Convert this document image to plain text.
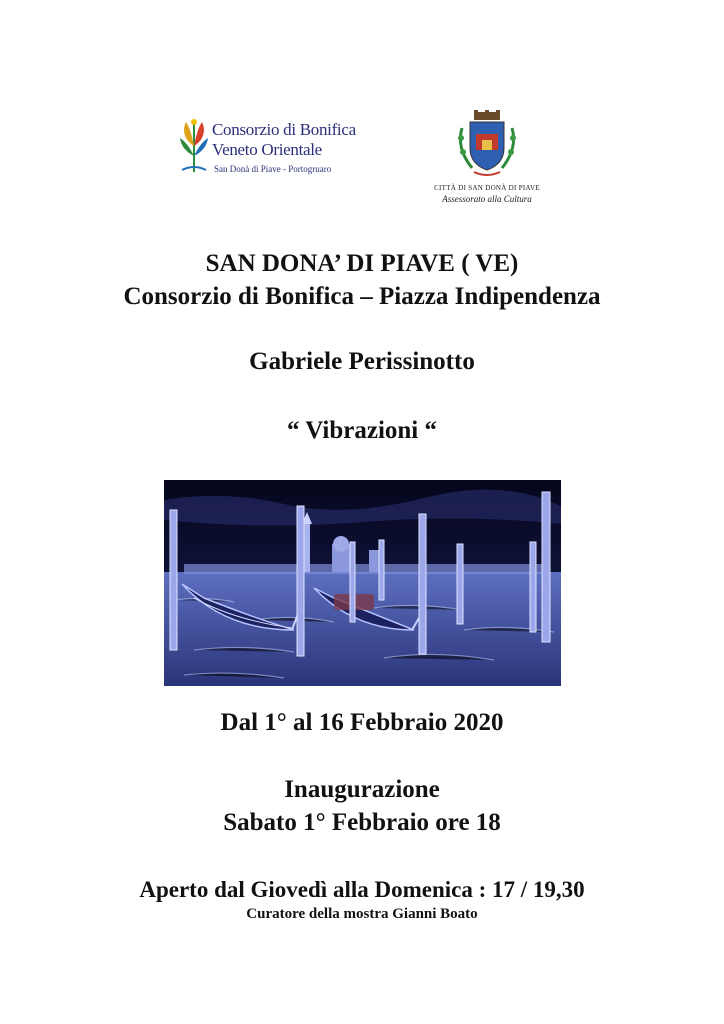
Consorzio di Bonifica
Veneto Orientale
San Donà di Piave - Portogruaro
CITTÀ DI SAN DONÀ DI PIAVE
Assessorato alla Cultura
SAN DONA’ DI PIAVE ( VE)
Consorzio di Bonifica – Piazza Indipendenza
Gabriele Perissinotto
“ Vibrazioni “
Dal 1° al 16 Febbraio 2020
Inaugurazione
Sabato 1° Febbraio ore 18
Aperto dal Giovedì alla Domenica : 17 / 19,30
Curatore della mostra Gianni Boato
